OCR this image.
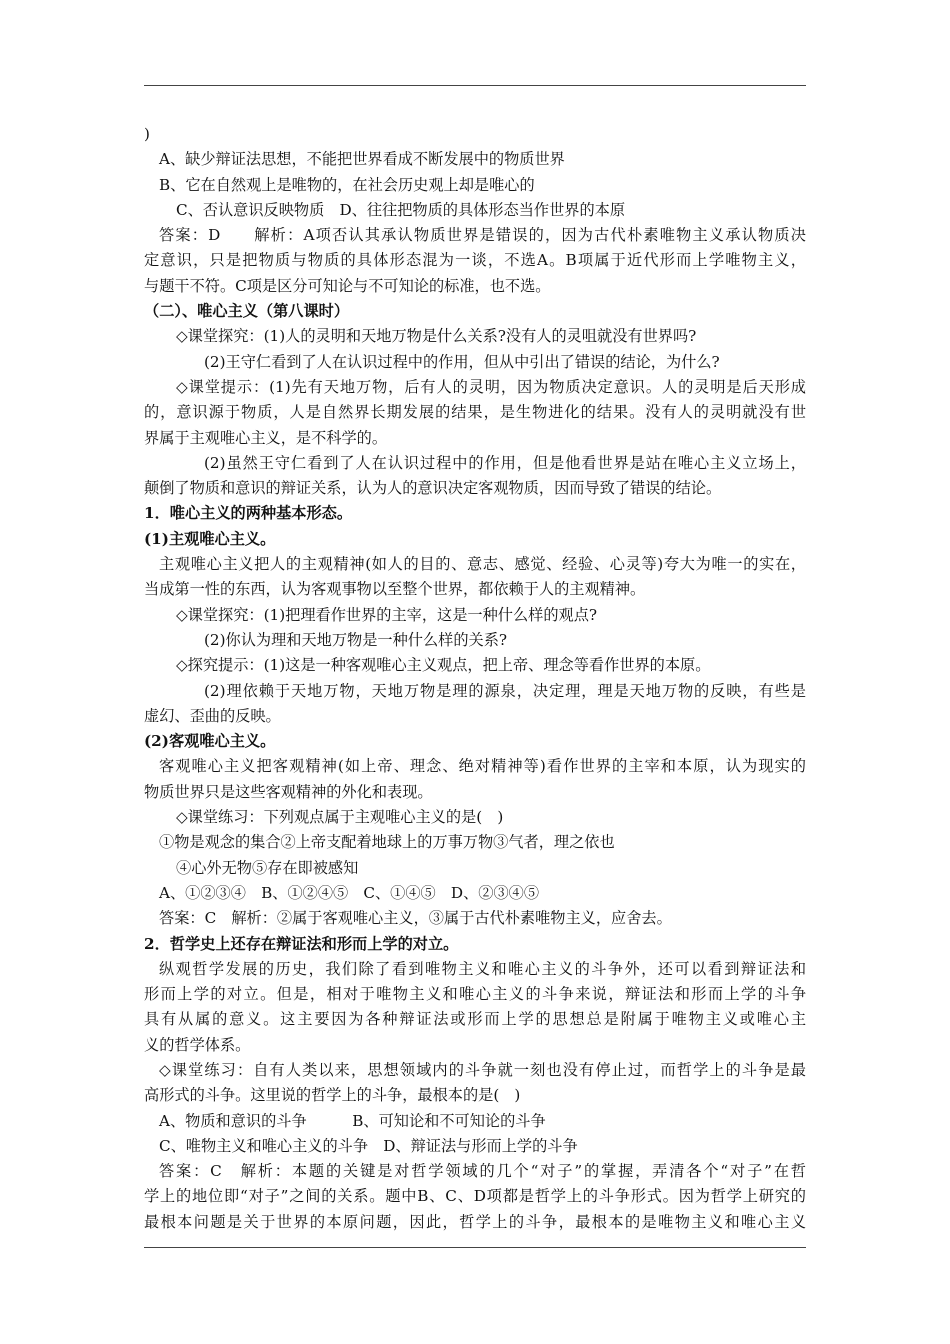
)
A、缺少辩证法思想，不能把世界看成不断发展中的物质世界
B、它在自然观上是唯物的，在社会历史观上却是唯心的
C、否认意识反映物质　D、往往把物质的具体形态当作世界的本原
答案：D　　解析：A项否认其承认物质世界是错误的，因为古代朴素唯物主义承认物质决
定意识，只是把物质与物质的具体形态混为一谈，不选A。B项属于近代形而上学唯物主义，
与题干不符。C项是区分可知论与不可知论的标准，也不选。
（二）、唯心主义（第八课时）
◇课堂探究：(1)人的灵明和天地万物是什么关系?没有人的灵咀就没有世界吗?
(2)王守仁看到了人在认识过程中的作用，但从中引出了错误的结论，为什么?
◇课堂提示：(1)先有天地万物，后有人的灵明，因为物质决定意识。人的灵明是后天形成
的，意识源于物质，人是自然界长期发展的结果，是生物进化的结果。没有人的灵明就没有世
界属于主观唯心主义，是不科学的。
(2)虽然王守仁看到了人在认识过程中的作用，但是他看世界是站在唯心主义立场上，
颠倒了物质和意识的辩证关系，认为人的意识决定客观物质，因而导致了错误的结论。
1．唯心主义的两种基本形态。
(1)主观唯心主义。
主观唯心主义把人的主观精神(如人的目的、意志、感觉、经验、心灵等)夸大为唯一的实在，
当成第一性的东西，认为客观事物以至整个世界，都依赖于人的主观精神。
◇课堂探究：(1)把理看作世界的主宰，这是一种什么样的观点?
(2)你认为理和天地万物是一种什么样的关系?
◇探究提示：(1)这是一种客观唯心主义观点，把上帝、理念等看作世界的本原。
(2)理依赖于天地万物，天地万物是理的源泉，决定理，理是天地万物的反映，有些是
虚幻、歪曲的反映。
(2)客观唯心主义。
客观唯心主义把客观精神(如上帝、理念、绝对精神等)看作世界的主宰和本原，认为现实的
物质世界只是这些客观精神的外化和表现。
◇课堂练习：下列观点属于主观唯心主义的是(　)
①物是观念的集合②上帝支配着地球上的万事万物③气者，理之依也
④心外无物⑤存在即被感知
A、①②③④　B、①②④⑤　C、①④⑤　D、②③④⑤
答案：C　解析：②属于客观唯心主义，③属于古代朴素唯物主义，应舍去。
2．哲学史上还存在辩证法和形而上学的对立。
纵观哲学发展的历史，我们除了看到唯物主义和唯心主义的斗争外，还可以看到辩证法和
形而上学的对立。但是，相对于唯物主义和唯心主义的斗争来说，辩证法和形而上学的斗争
具有从属的意义。这主要因为各种辩证法或形而上学的思想总是附属于唯物主义或唯心主
义的哲学体系。
◇课堂练习：自有人类以来，思想领域内的斗争就一刻也没有停止过，而哲学上的斗争是最
高形式的斗争。这里说的哲学上的斗争，最根本的是(　)
A、物质和意识的斗争　　　B、可知论和不可知论的斗争
C、唯物主义和唯心主义的斗争　D、辩证法与形而上学的斗争
答案：C　解析：本题的关键是对哲学领域的几个“对子”的掌握，弄清各个“对子”在哲
学上的地位即“对子”之间的关系。题中B、C、D项都是哲学上的斗争形式。因为哲学上研究的
最根本问题是关于世界的本原问题，因此，哲学上的斗争，最根本的是唯物主义和唯心主义
